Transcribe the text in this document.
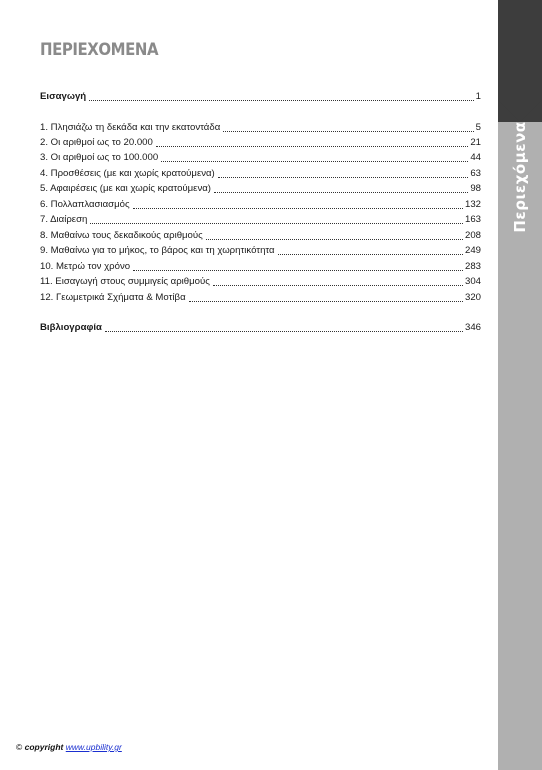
Περιεχόμενα
ΠΕΡΙΕΧΟΜΕΝΑ
Εισαγωγή	1
1. Πλησιάζω τη δεκάδα και την εκατοντάδα	5
2. Οι αριθμοί ως το 20.000	21
3. Οι αριθμοί ως το 100.000	44
4. Προσθέσεις (με και χωρίς κρατούμενα)	63
5. Αφαιρέσεις (με και χωρίς κρατούμενα)	98
6. Πολλαπλασιασμός	132
7. Διαίρεση	163
8. Μαθαίνω τους δεκαδικούς αριθμούς	208
9. Μαθαίνω για το μήκος, το βάρος και τη χωρητικότητα	249
10. Μετρώ τον χρόνο	283
11. Εισαγωγή στους συμμιγείς αριθμούς	304
12. Γεωμετρικά Σχήματα & Μοτίβα	320
Βιβλιογραφία	346
© copyright www.upbility.gr
